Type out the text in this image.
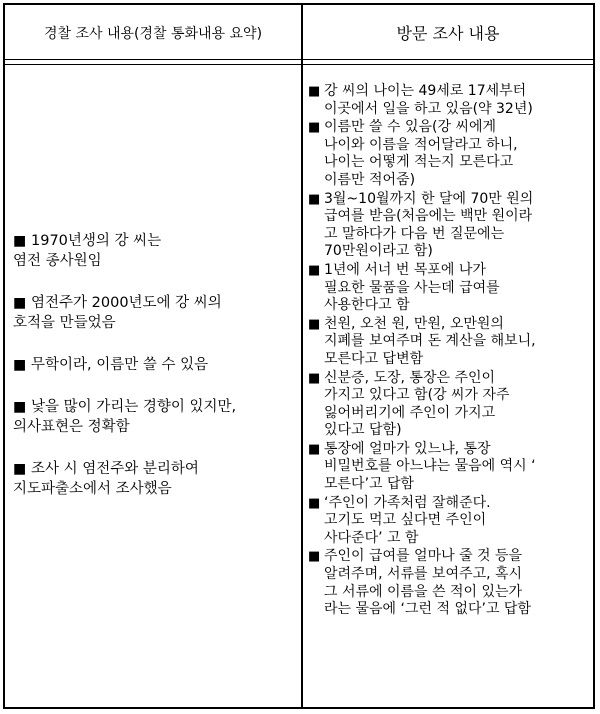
경찰 조사 내용(경찰 통화내용 요약)	방문 조사 내용
■ 1970년생의 강 씨는
염전 종사원임
■ 염전주가 2000년도에 강 씨의
호적을 만들었음
■ 무학이라, 이름만 쓸 수 있음
■ 낯을 많이 가리는 경향이 있지만,
의사표현은 정확함
■ 조사 시 염전주와 분리하여
지도파출소에서 조사했음
■ 강 씨의 나이는 49세로 17세부터
이곳에서 일을 하고 있음(약 32년)
■ 이름만 쓸 수 있음(강 씨에게
나이와 이름을 적어달라고 하니,
나이는 어떻게 적는지 모른다고
이름만 적어줌)
■ 3월~10월까지 한 달에 70만 원의
급여를 받음(처음에는 백만 원이라
고 말하다가 다음 번 질문에는
70만원이라고 함)
■ 1년에 서너 번 목포에 나가
필요한 물품을 사는데 급여를
사용한다고 함
■ 천원, 오천 원, 만원, 오만원의
지폐를 보여주며 돈 계산을 해보니,
모른다고 답변함
■ 신분증, 도장, 통장은 주인이
가지고 있다고 함(강 씨가 자주
잃어버리기에 주인이 가지고
있다고 답함)
■ 통장에 얼마가 있느냐, 통장
비밀번호를 아느냐는 물음에 역시 ‘
모른다’고 답함
■ ‘주인이 가족처럼 잘해준다.
고기도 먹고 싶다면 주인이
사다준다’ 고 함
■ 주인이 급여를 얼마나 줄 것 등을
알려주며, 서류를 보여주고, 혹시
그 서류에 이름을 쓴 적이 있는가
라는 물음에 ‘그런 적 없다’고 답함
